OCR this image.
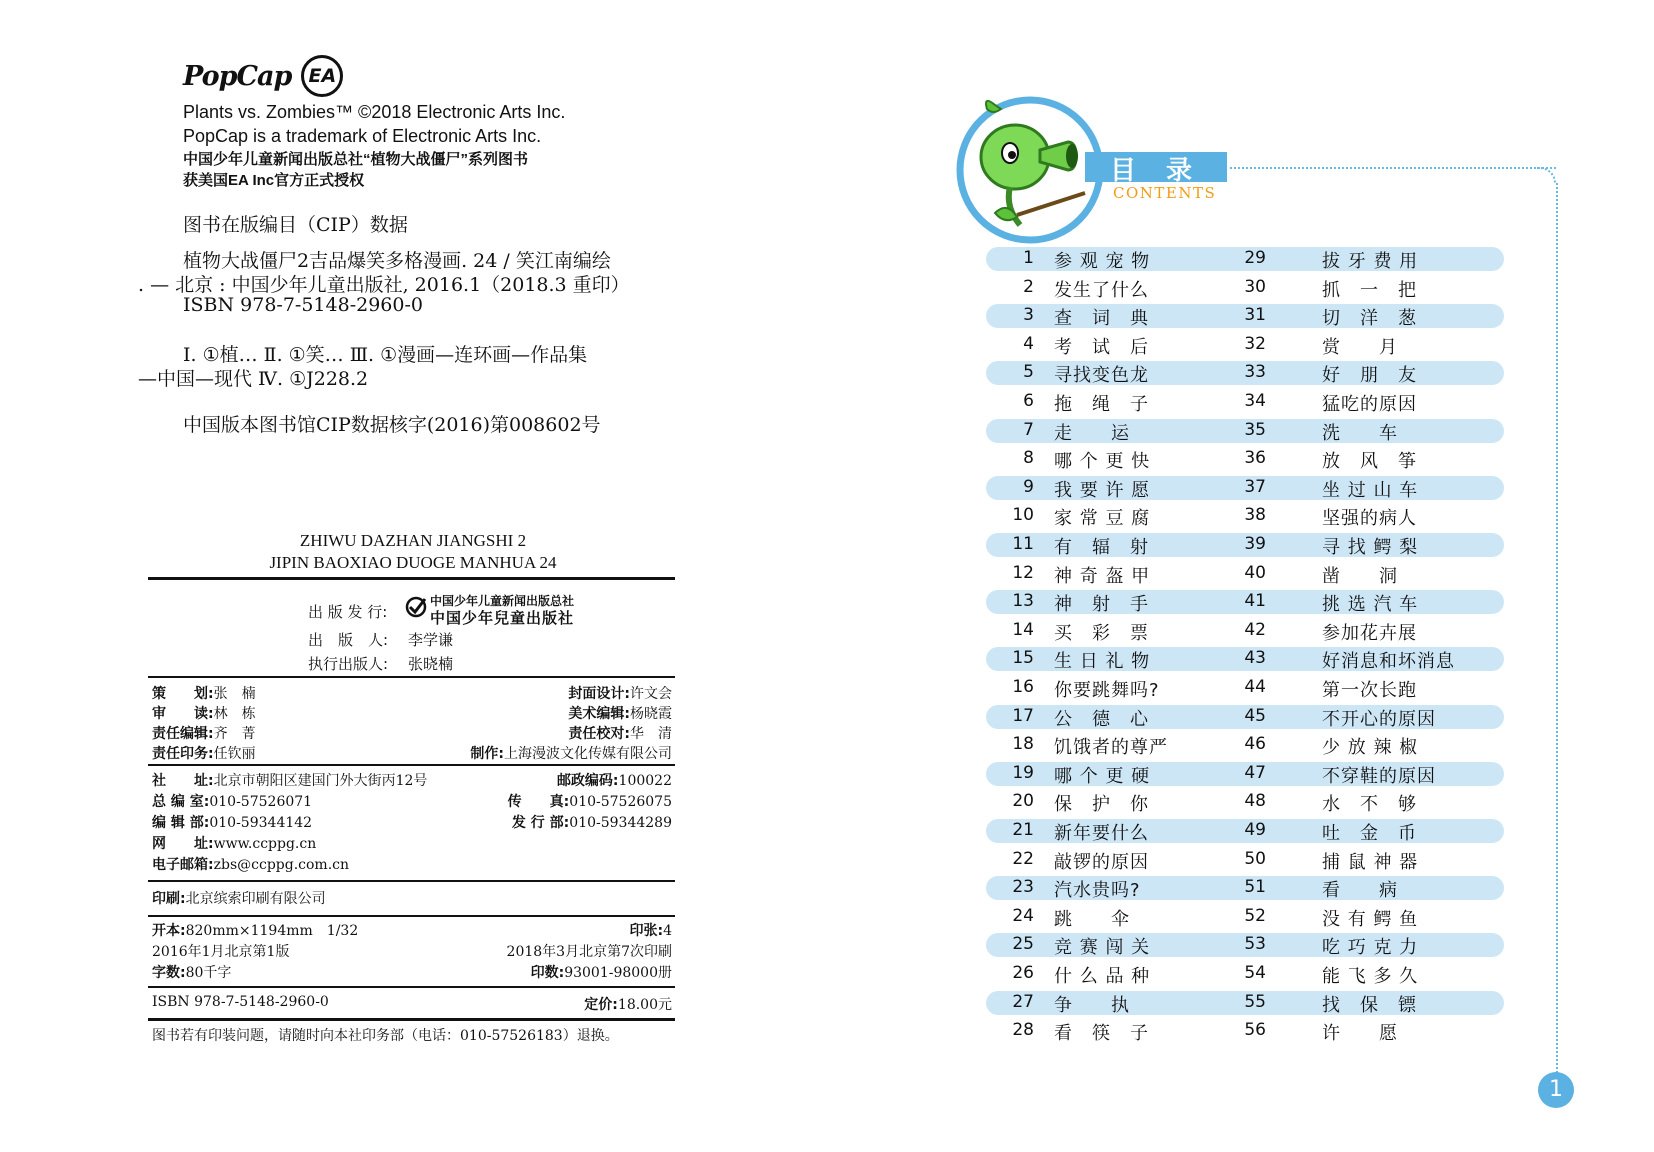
PopCap EA
Plants vs. Zombies™ ©2018 Electronic Arts Inc.
PopCap is a trademark of Electronic Arts Inc.
中国少年儿童新闻出版总社“植物大战僵尸”系列图书
获美国EA Inc官方正式授权
图书在版编目（CIP）数据
植物大战僵尸2吉品爆笑多格漫画. 24 / 笑江南编绘
. — 北京 : 中国少年儿童出版社, 2016.1（2018.3 重印）
ISBN 978-7-5148-2960-0
Ⅰ. ①植… Ⅱ. ①笑… Ⅲ. ①漫画—连环画—作品集
—中国—现代 Ⅳ. ①J228.2
中国版本图书馆CIP数据核字(2016)第008602号
ZHIWU DAZHAN JIANGSHI 2
JIPIN BAOXIAO DUOGE MANHUA 24
出 版 发 行:
中国少年儿童新闻出版总社
中国少年兒童出版社
出　版　人: 李学谦
执行出版人: 张晓楠
策　　划:张　楠	封面设计:许文会
审　　读:林　栋	美术编辑:杨晓霞
责任编辑:齐　菁	责任校对:华　清
责任印务:任钦丽	制作:上海漫波文化传媒有限公司
社　　址:北京市朝阳区建国门外大街丙12号	邮政编码:100022
总 编 室:010-57526071	传　　真:010-57526075
编 辑 部:010-59344142	发 行 部:010-59344289
网　　址:www.ccppg.cn
电子邮箱:zbs@ccppg.com.cn
印刷:北京缤索印刷有限公司
开本:820mm×1194mm　1/32	印张:4
2016年1月北京第1版	2018年3月北京第7次印刷
字数:80千字	印数:93001-98000册
ISBN 978-7-5148-2960-0	定价:18.00元
图书若有印装问题，请随时向本社印务部（电话：010-57526183）退换。
目录
CONTENTS
1
1 参 观 宠 物	29	拔 牙 费 用
2 发生了什么	30	抓　一　把
3 查　词　典	31	切　洋　葱
4 考　试　后	32	赏　　月
5 寻找变色龙	33	好　朋　友
6 拖　绳　子	34	猛吃的原因
7 走　　运	35	洗　　车
8 哪 个 更 快	36	放　风　筝
9 我 要 许 愿	37	坐 过 山 车
10 家 常 豆 腐	38	坚强的病人
11 有　辐　射	39	寻 找 鳄 梨
12 神 奇 盔 甲	40	凿　　洞
13 神　射　手	41	挑 选 汽 车
14 买　彩　票	42	参加花卉展
15 生 日 礼 物	43	好消息和坏消息
16 你要跳舞吗?	44	第一次长跑
17 公　德　心	45	不开心的原因
18 饥饿者的尊严	46	少 放 辣 椒
19 哪 个 更 硬	47	不穿鞋的原因
20 保　护　你	48	水　不　够
21 新年要什么	49	吐　金　币
22 敲锣的原因	50	捕 鼠 神 器
23 汽水贵吗?	51	看　　病
24 跳　　伞	52	没 有 鳄 鱼
25 竞 赛 闯 关	53	吃 巧 克 力
26 什 么 品 种	54	能 飞 多 久
27 争　　执	55	找　保　镖
28 看　筷　子	56	许　　愿
